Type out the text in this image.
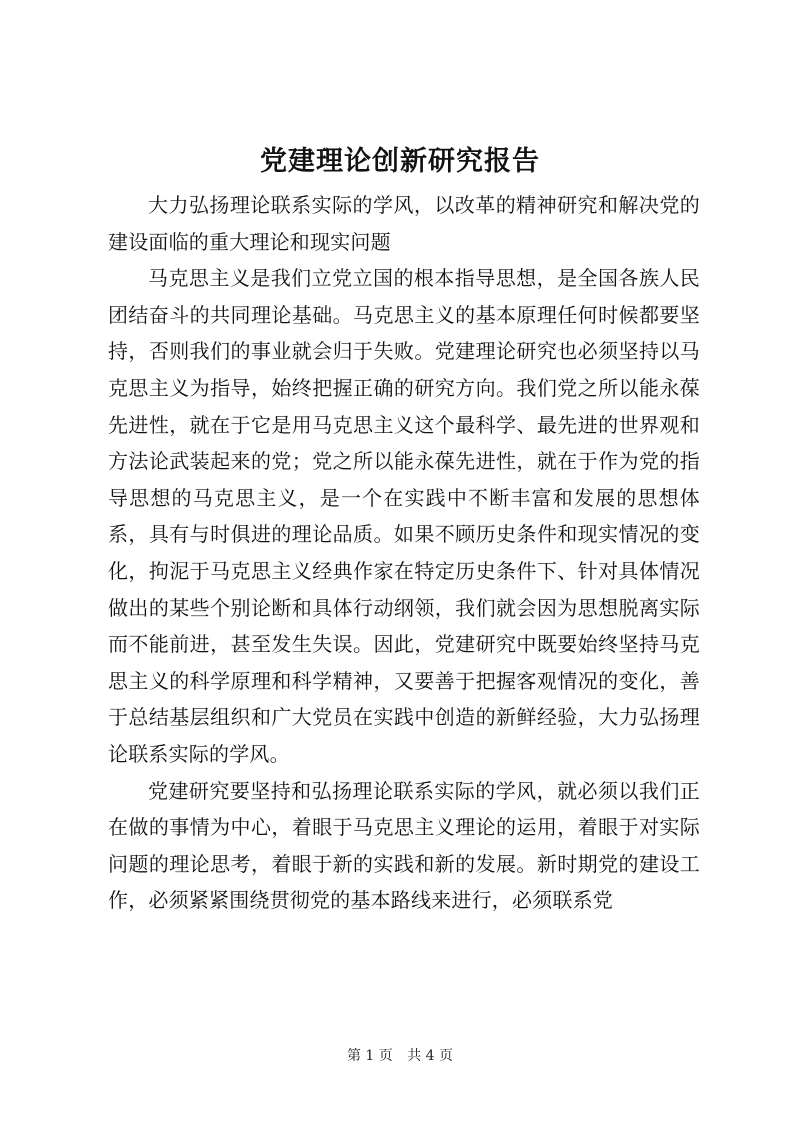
党建理论创新研究报告

大力弘扬理论联系实际的学风，以改革的精神研究和解决党的建设面临的重大理论和现实问题

马克思主义是我们立党立国的根本指导思想，是全国各族人民团结奋斗的共同理论基础。马克思主义的基本原理任何时候都要坚持，否则我们的事业就会归于失败。党建理论研究也必须坚持以马克思主义为指导，始终把握正确的研究方向。我们党之所以能永葆先进性，就在于它是用马克思主义这个最科学、最先进的世界观和方法论武装起来的党；党之所以能永葆先进性，就在于作为党的指导思想的马克思主义，是一个在实践中不断丰富和发展的思想体系，具有与时俱进的理论品质。如果不顾历史条件和现实情况的变化，拘泥于马克思主义经典作家在特定历史条件下、针对具体情况做出的某些个别论断和具体行动纲领，我们就会因为思想脱离实际而不能前进，甚至发生失误。因此，党建研究中既要始终坚持马克思主义的科学原理和科学精神，又要善于把握客观情况的变化，善于总结基层组织和广大党员在实践中创造的新鲜经验，大力弘扬理论联系实际的学风。

党建研究要坚持和弘扬理论联系实际的学风，就必须以我们正在做的事情为中心，着眼于马克思主义理论的运用，着眼于对实际问题的理论思考，着眼于新的实践和新的发展。新时期党的建设工作，必须紧紧围绕贯彻党的基本路线来进行，必须联系党

第 1 页 共 4 页
